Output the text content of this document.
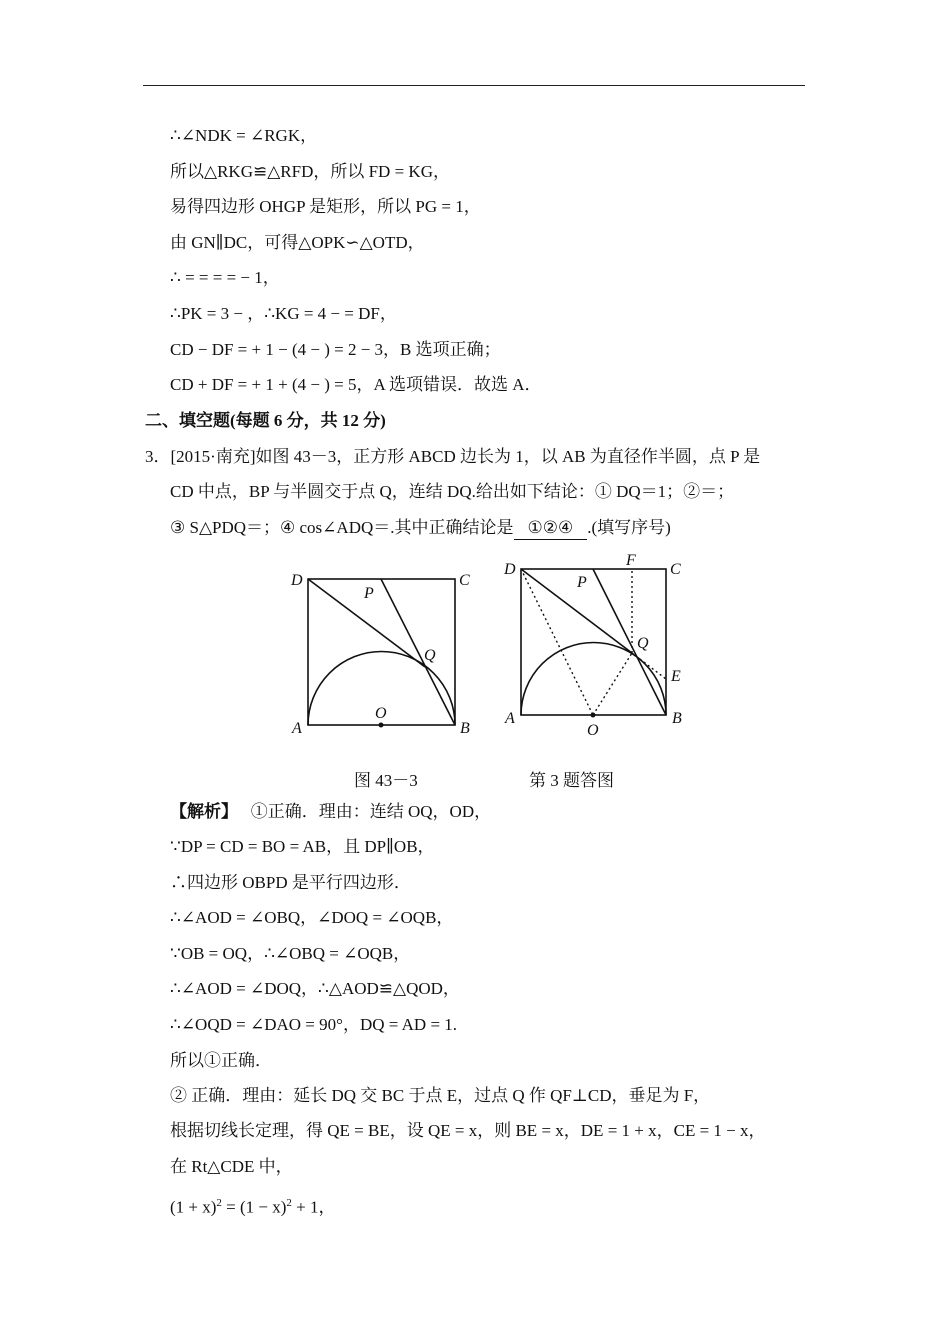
∴∠NDK = ∠RGK，
所以△RKG≌△RFD，所以 FD = KG，
易得四边形 OHGP 是矩形，所以 PG = 1，
由 GN∥DC，可得△OPK∽△OTD，
∴ = = = = − 1，
∴PK = 3 − ，∴KG = 4 − = DF，
CD − DF = + 1 − (4 − ) = 2 − 3，B 选项正确；
CD + DF = + 1 + (4 − ) = 5，A 选项错误．故选 A．
二、填空题(每题 6 分，共 12 分)
3．[2015·南充]如图 43－3，正方形 ABCD 边长为 1，以 AB 为直径作半圆，点 P 是
CD 中点，BP 与半圆交于点 Q，连结 DQ.给出如下结论：① DQ＝1；②＝；
③ S△PDQ＝；④ cos∠ADQ＝.其中正确结论是 ①②④ .(填写序号)
D
P
C
Q
A
O
B
D
P
F
C
Q
E
A
O
B
图 43－3	第 3 题答图
【解析】 ①正确．理由：连结 OQ，OD，
∵DP = CD = BO = AB，且 DP∥OB，
∴四边形 OBPD 是平行四边形．
∴∠AOD = ∠OBQ，∠DOQ = ∠OQB，
∵OB = OQ，∴∠OBQ = ∠OQB，
∴∠AOD = ∠DOQ，∴△AOD≌△QOD，
∴∠OQD = ∠DAO = 90°，DQ = AD = 1.
所以①正确．
② 正确．理由：延长 DQ 交 BC 于点 E，过点 Q 作 QF⊥CD，垂足为 F，
根据切线长定理，得 QE = BE，设 QE = x，则 BE = x，DE = 1 + x，CE = 1 − x，
在 Rt△CDE 中，
$(1 + x)^2 = (1 - x)^2 + 1$，
